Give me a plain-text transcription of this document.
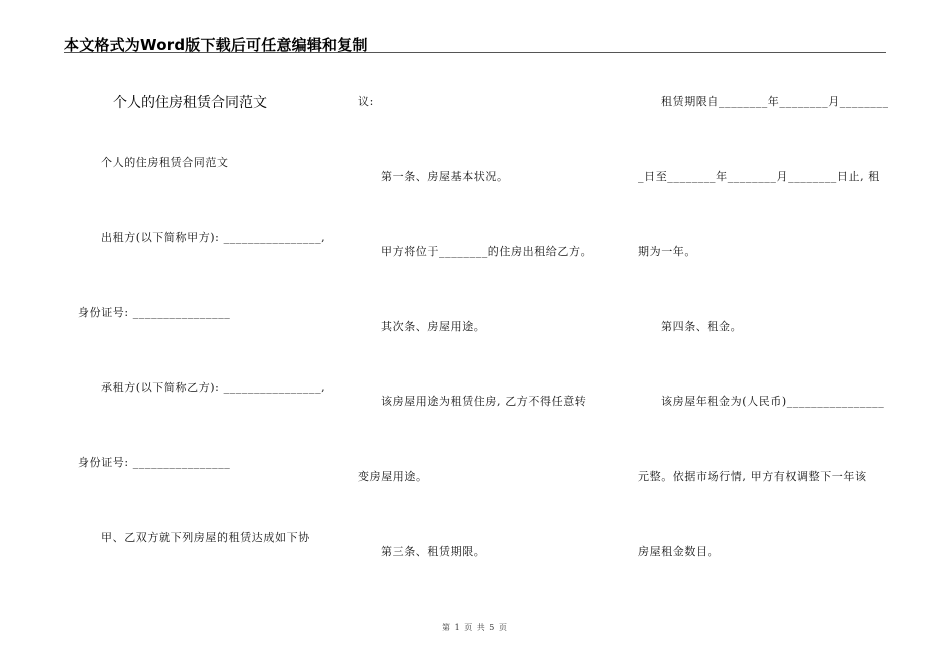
本文格式为Word版下载后可任意编辑和复制
个人的住房租赁合同范文
个人的住房租赁合同范文
出租方(以下简称甲方): ________________,
身份证号: ________________
承租方(以下简称乙方): ________________,
身份证号: ________________
甲、乙双方就下列房屋的租赁达成如下协
议:
第一条、房屋基本状况。
甲方将位于________的住房出租给乙方。
其次条、房屋用途。
该房屋用途为租赁住房, 乙方不得任意转
变房屋用途。
第三条、租赁期限。
租赁期限自________年________月________
_日至________年________月________日止, 租
期为一年。
第四条、租金。
该房屋年租金为(人民币)________________
元整。依据市场行情, 甲方有权调整下一年该
房屋租金数目。
第 1 页 共 5 页
